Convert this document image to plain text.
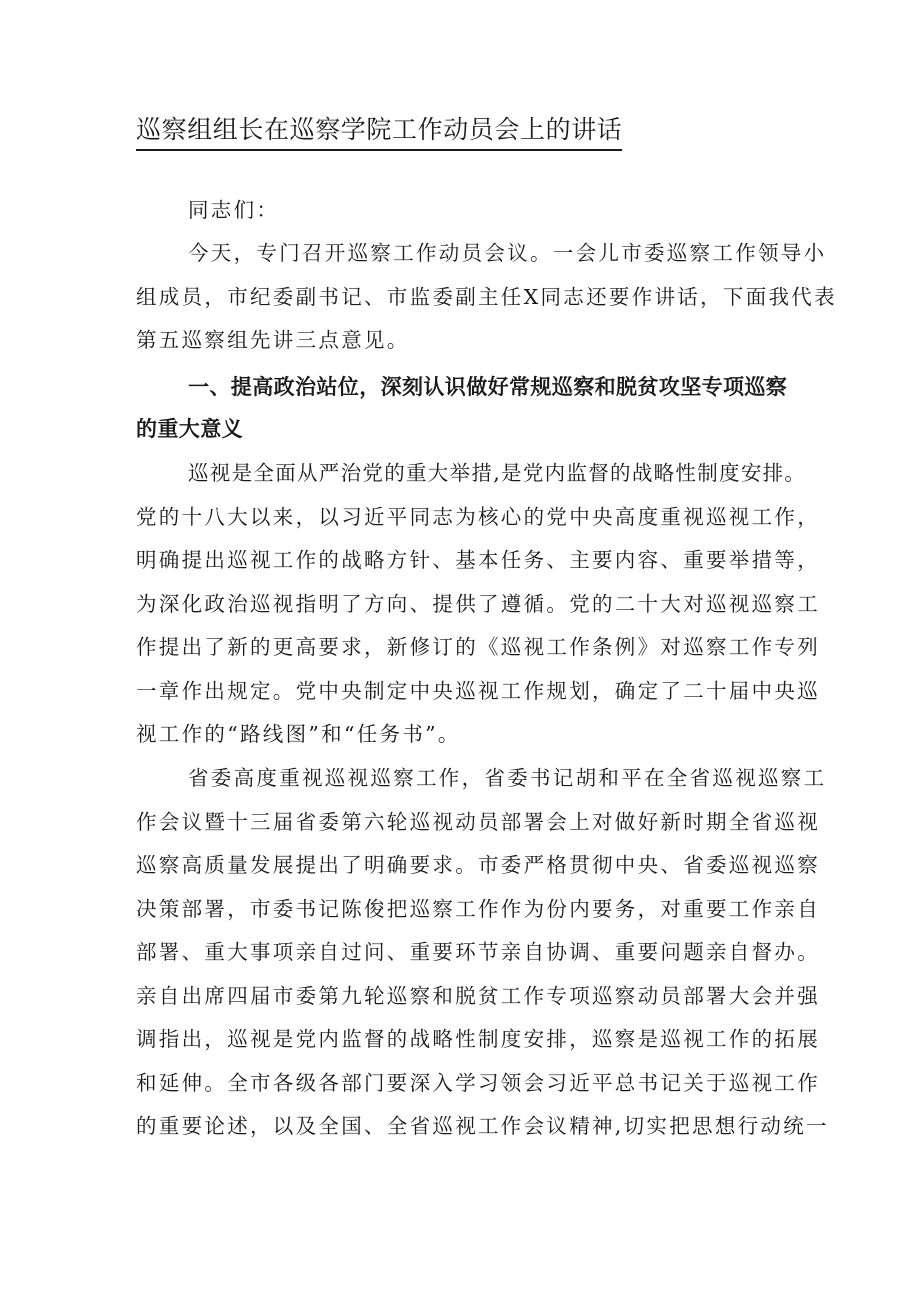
巡察组组长在巡察学院工作动员会上的讲话
同志们：
今天，专门召开巡察工作动员会议。一会儿市委巡察工作领导小
组成员，市纪委副书记、市监委副主任X同志还要作讲话，下面我代表
第五巡察组先讲三点意见。
一、提高政治站位，深刻认识做好常规巡察和脱贫攻坚专项巡察
的重大意义
巡视是全面从严治党的重大举措,是党内监督的战略性制度安排。
党的十八大以来，以习近平同志为核心的党中央高度重视巡视工作，
明确提出巡视工作的战略方针、基本任务、主要内容、重要举措等，
为深化政治巡视指明了方向、提供了遵循。党的二十大对巡视巡察工
作提出了新的更高要求，新修订的《巡视工作条例》对巡察工作专列
一章作出规定。党中央制定中央巡视工作规划，确定了二十届中央巡
视工作的“路线图”和“任务书”。
省委高度重视巡视巡察工作，省委书记胡和平在全省巡视巡察工
作会议暨十三届省委第六轮巡视动员部署会上对做好新时期全省巡视
巡察高质量发展提出了明确要求。市委严格贯彻中央、省委巡视巡察
决策部署，市委书记陈俊把巡察工作作为份内要务，对重要工作亲自
部署、重大事项亲自过问、重要环节亲自协调、重要问题亲自督办。
亲自出席四届市委第九轮巡察和脱贫工作专项巡察动员部署大会并强
调指出，巡视是党内监督的战略性制度安排，巡察是巡视工作的拓展
和延伸。全市各级各部门要深入学习领会习近平总书记关于巡视工作
的重要论述，以及全国、全省巡视工作会议精神,切实把思想行动统一
